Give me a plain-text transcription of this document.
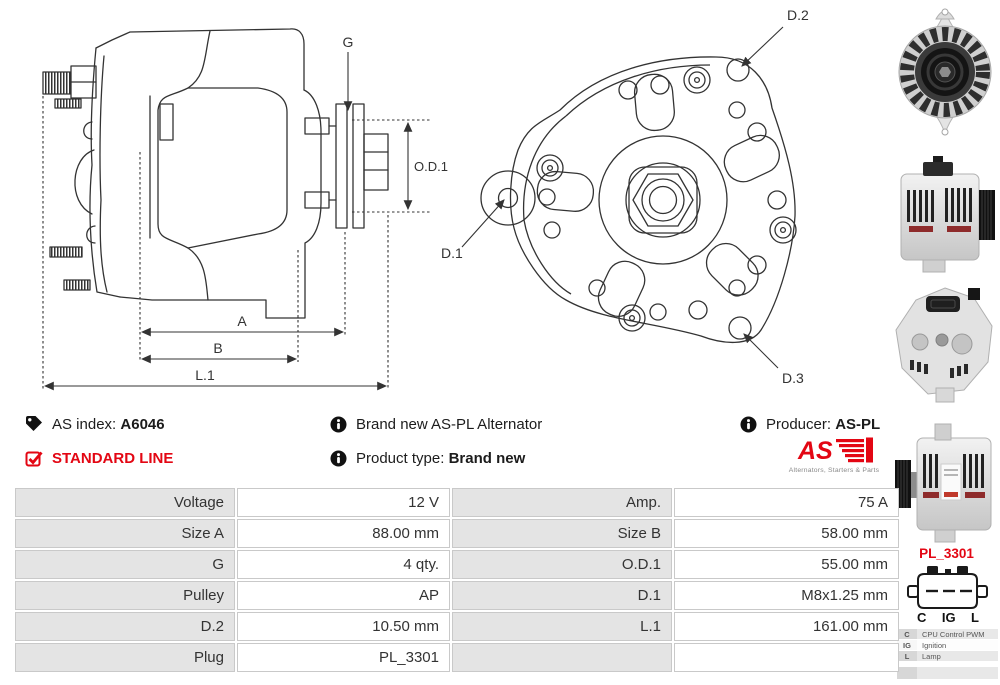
G
O.D.1
A
B
L.1
D.2
D.1
D.3
PL_3301
C IG L
C	CPU Control PWM
IG	Ignition
L	Lamp
AS index: A6046
STANDARD LINE
Brand new AS-PL Alternator
Product type: Brand new
Producer: AS-PL
AS
Alternators, Starters & Parts
Voltage	12 V	Amp.	75 A
Size A	88.00 mm	Size B	58.00 mm
G	4 qty.	O.D.1	55.00 mm
Pulley	AP	D.1	M8x1.25 mm
D.2	10.50 mm	L.1	161.00 mm
Plug	PL_3301
